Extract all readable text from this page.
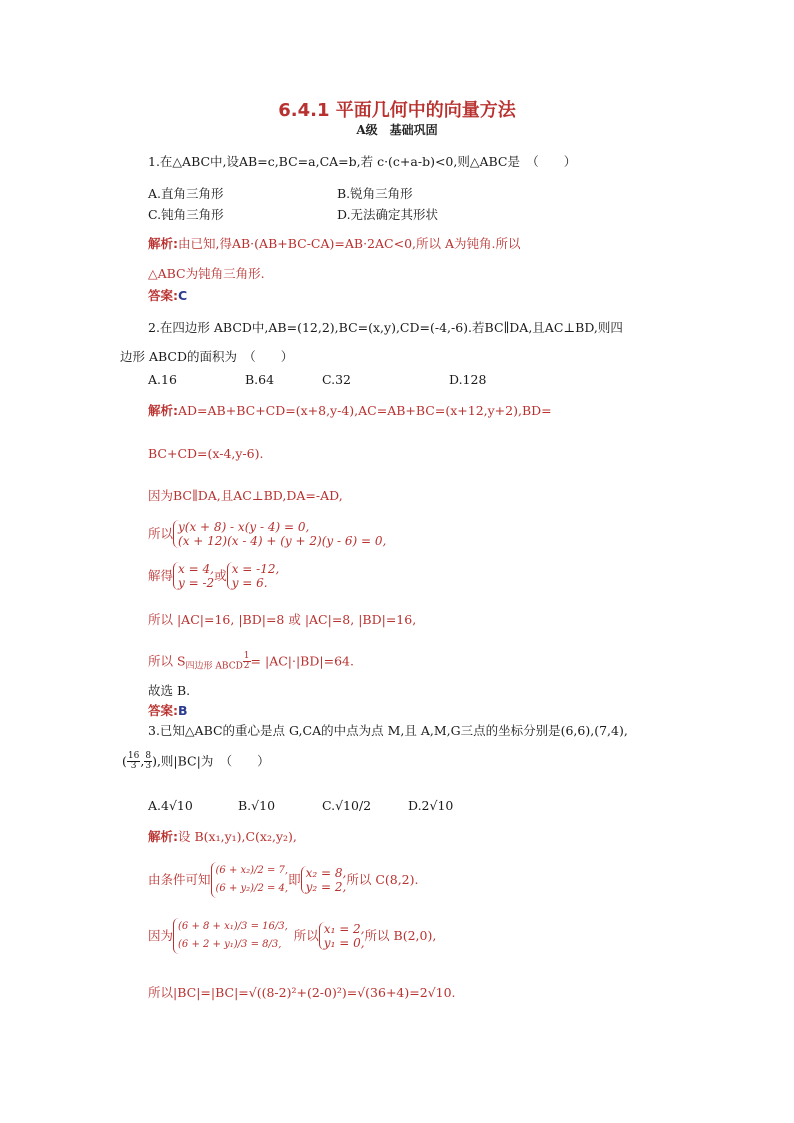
6.4.1 平面几何中的向量方法
A级　基础巩固
1.在△ABC中,设AB=c,BC=a,CA=b,若 c·(c+a-b)<0,则△ABC是　（　　）
A.直角三角形	B.锐角三角形
C.钝角三角形	D.无法确定其形状
解析:由已知,得AB·(AB+BC-CA)=AB·2AC<0,所以 A为钝角.所以
△ABC为钝角三角形.
答案:C
2.在四边形 ABCD中,AB=(12,2),BC=(x,y),CD=(-4,-6).若BC∥DA,且AC⊥BD,则四
边形 ABCD的面积为　（　　）
A.16	B.64	C.32	D.128
解析:AD=AB+BC+CD=(x+8,y-4),AC=AB+BC=(x+12,y+2),BD=
BC+CD=(x-4,y-6).
因为BC∥DA,且AC⊥BD,DA=-AD,
所以 y(x + 8) - x(y - 4) = 0,
(x + 12)(x - 4) + (y + 2)(y - 6) = 0,
解得 x = 4,
y = -2 或 x = -12,
y = 6.
所以 |AC|=16, |BD|=8 或 |AC|=8, |BD|=16,
所以 $S_{四边形 ABCD} \frac{1}{2} = |AC|\cdot|BD|=64$.
故选 B.
答案:B
3.已知△ABC的重心是点 G,CA的中点为点 M,且 A,M,G三点的坐标分别是(6,6),(7,4),
( $\frac{16}{3}$ , $\frac{8}{3}$ ),则|BC|为　（　　）
A.4√10	B.√10	C.√10/2	D.2√10
解析:设 B(x₁,y₁),C(x₂,y₂),
由条件可知
(6 + x₂)/2 = 7,
(6 + y₂)/2 = 4,
即 x₂ = 8,
y₂ = 2, 所以 C(8,2).
因为
(6 + 8 + x₁)/3 = 16/3,
(6 + 2 + y₁)/3 = 8/3,
所以 x₁ = 2,
y₁ = 0, 所以 B(2,0),
所以|BC|=|BC|=√((8-2)²+(2-0)²)=√(36+4)=2√10.
